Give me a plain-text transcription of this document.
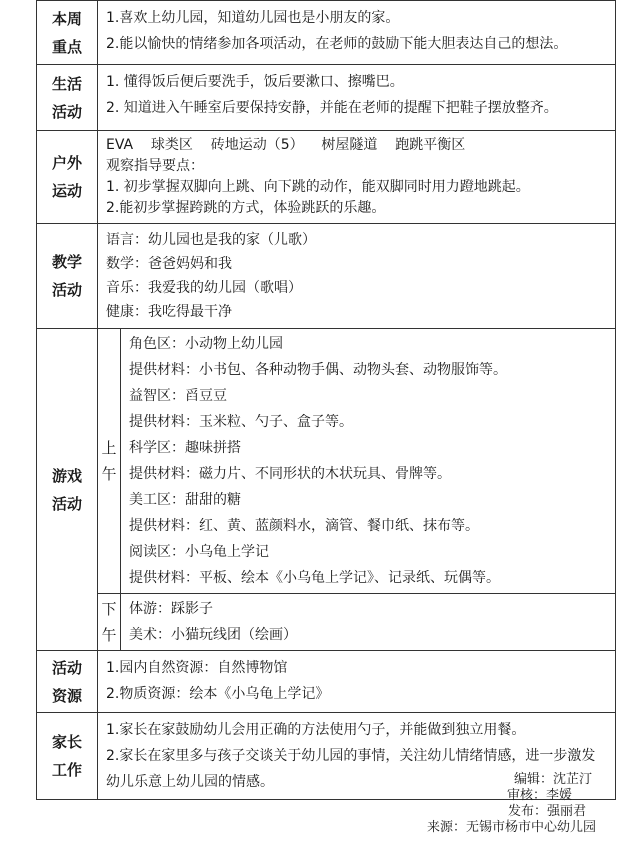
本周
重点

1.喜欢上幼儿园，知道幼儿园也是小朋友的家。
2.能以愉快的情绪参加各项活动，在老师的鼓励下能大胆表达自己的想法。

生活
活动

1. 懂得饭后便后要洗手，饭后要漱口、擦嘴巴。
2. 知道进入午睡室后要保持安静，并能在老师的提醒下把鞋子摆放整齐。

户外
运动

EVA    球类区    砖地运动（5）    树屋隧道    跑跳平衡区
观察指导要点：
1. 初步掌握双脚向上跳、向下跳的动作，能双脚同时用力蹬地跳起。
2.能初步掌握跨跳的方式，体验跳跃的乐趣。

教学
活动

语言：幼儿园也是我的家（儿歌）
数学：爸爸妈妈和我
音乐：我爱我的幼儿园（歌唱）
健康：我吃得最干净

游戏
活动

上
午

角色区：小动物上幼儿园
提供材料：小书包、各种动物手偶、动物头套、动物服饰等。
益智区：舀豆豆
提供材料：玉米粒、勺子、盒子等。
科学区：趣味拼搭
提供材料：磁力片、不同形状的木状玩具、骨牌等。
美工区：甜甜的糖
提供材料：红、黄、蓝颜料水，滴管、餐巾纸、抹布等。
阅读区：小乌龟上学记
提供材料：平板、绘本《小乌龟上学记》、记录纸、玩偶等。

下
午

体游：踩影子
美术：小猫玩线团（绘画）

活动
资源

1.园内自然资源：自然博物馆
2.物质资源：绘本《小乌龟上学记》

家长
工作

1.家长在家鼓励幼儿会用正确的方法使用勺子，并能做到独立用餐。
2.家长在家里多与孩子交谈关于幼儿园的事情，关注幼儿情绪情感，进一步激发幼儿乐意上幼儿园的情感。	编辑：沈芷汀
审核：李媛
发布：强丽君
来源：无锡市杨市中心幼儿园
